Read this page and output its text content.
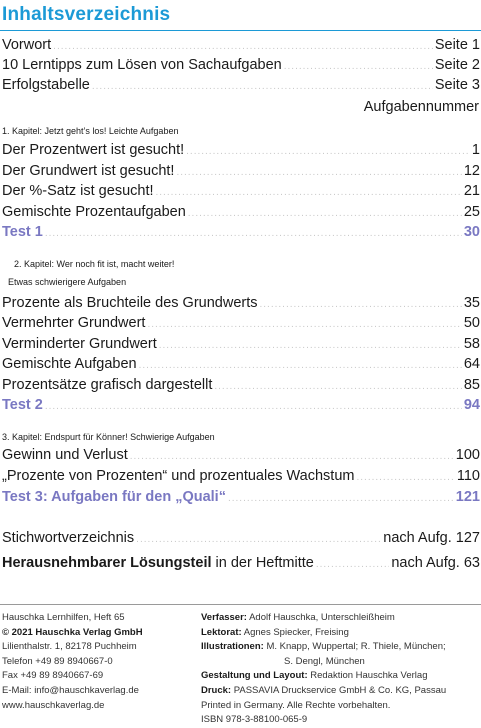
Inhaltsverzeichnis
Vorwort .....	Seite 1
10 Lerntipps zum Lösen von Sachaufgaben .....	Seite 2
Erfolgstabelle .....	Seite 3
Aufgabennummer
1. Kapitel: Jetzt geht’s los! Leichte Aufgaben
Der Prozentwert ist gesucht! .....	1
Der Grundwert ist gesucht! .....	12
Der %-Satz ist gesucht! .....	21
Gemischte Prozentaufgaben .....	25
Test 1 .....	30
2. Kapitel: Wer noch fit ist, macht weiter!
Etwas schwierigere Aufgaben
Prozente als Bruchteile des Grundwerts .....	35
Vermehrter Grundwert .....	50
Verminderter Grundwert .....	58
Gemischte Aufgaben .....	64
Prozentsätze grafisch dargestellt .....	85
Test 2 .....	94
3. Kapitel: Endspurt für Könner! Schwierige Aufgaben
Gewinn und Verlust .....	100
„Prozente von Prozenten“ und prozentuales Wachstum .....	110
Test 3: Aufgaben für den „Quali“ .....	121
Stichwortverzeichnis .....	nach Aufg. 127
Herausnehmbarer Lösungsteil in der Heftmitte .....	nach Aufg. 63
Hauschka Lernhilfen, Heft 65
© 2021 Hauschka Verlag GmbH
Lilienthalstr. 1, 82178 Puchheim
Telefon +49 89 8940667-0
Fax +49 89 8940667-69
E-Mail: info@hauschkaverlag.de
www.hauschkaverlag.de
Verfasser: Adolf Hauschka, Unterschleißheim
Lektorat: Agnes Spiecker, Freising
Illustrationen: M. Knapp, Wuppertal; R. Thiele, München;
S. Dengl, München
Gestaltung und Layout: Redaktion Hauschka Verlag
Druck: PASSAVIA Druckservice GmbH & Co. KG, Passau
Printed in Germany. Alle Rechte vorbehalten.
ISBN 978-3-88100-065-9
